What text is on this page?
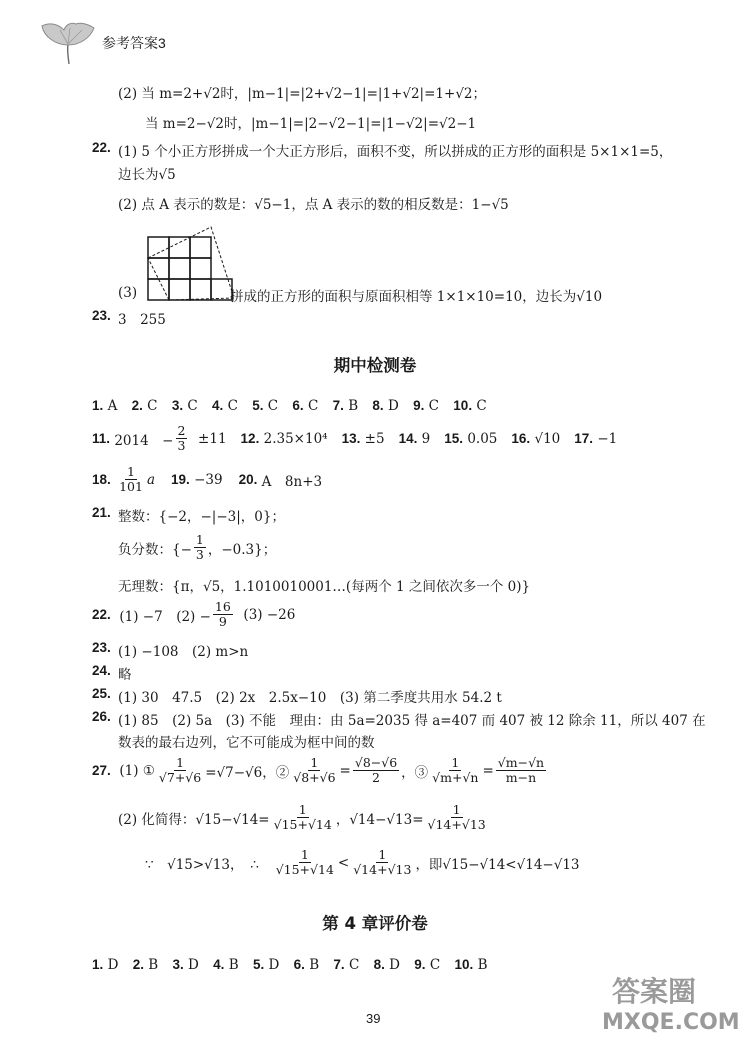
参考答案3
(2) 当 m=2+√2时，|m−1|=|2+√2−1|=|1+√2|=1+√2；
当 m=2−√2时，|m−1|=|2−√2−1|=|1−√2|=√2−1
22. (1) 5 个小正方形拼成一个大正方形后，面积不变，所以拼成的正方形的面积是 5×1×1=5，
边长为√5
(2) 点 A 表示的数是：√5−1，点 A 表示的数的相反数是：1−√5
(3)	拼成的正方形的面积与原面积相等 1×1×10=10，边长为√10
23. 3　255
期中检测卷
1. A 2. C 3. C 4. C 5. C 6. C 7. B 8. D 9. C 10. C
11.
2014　− $\frac{2}{3}$
±11 12.
2.35×10⁴ 13.
±5 14.
9 15.
0.05 16.
√10 17.
−1
18.
$\frac{1}{101}$ a 19.
−39 20.
A　8n+3
21. 整数：{−2，−|−3|，0}；
负分数：{− $\frac{1}{3}$ ，−0.3}；
无理数：{π，√5，1.1010010001…(每两个 1 之间依次多一个 0)}
22.
(1) −7　$(2) - \frac{16}{9}$
(3) −26
23. (1) −108　(2) m>n
24. 略
25. (1) 30　47.5　(2) 2x　2.5x−10　(3) 第二季度共用水 54.2 t
26. (1) 85　(2) 5a　(3) 不能　理由：由 5a=2035 得 a=407 而 407 被 12 除余 11，所以 407 在
数表的最右边列，它不可能成为框中间的数
27.
(1) ① $\frac{1}{√7+√6} =√7-√6$，② $\frac{1}{√8+√6} = \frac{√8-√6}{2}$ ，③ $\frac{1}{√m+√n} = \frac{√m-√n}{m-n}$
(2) 化简得：$√15-√14= \frac{1}{√15+√14}$ ，$√14-√13= \frac{1}{√14+√13}$
∵　√15>√13，　∴
$\frac{1}{√15+√14} < \frac{1}{√14+√13}$ ，即√15−√14<√14−√13
第 4 章评价卷
1. D 2. B 3. D 4. B 5. D 6. B 7. C 8. D 9. C 10. B
39
答案圈
MXQE.COM
